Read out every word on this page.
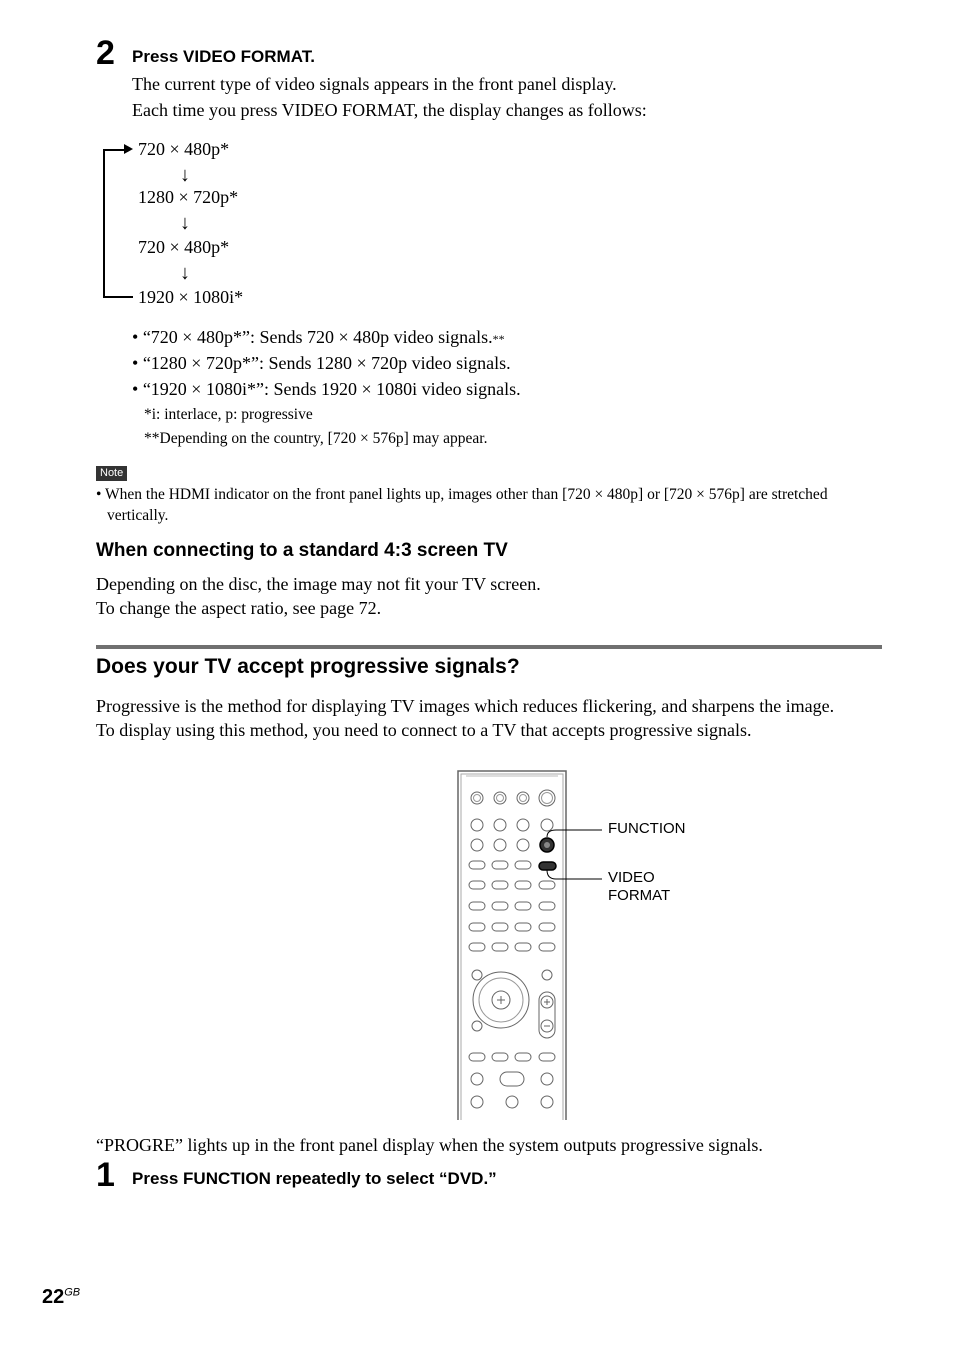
2 Press VIDEO FORMAT.
The current type of video signals appears in the front panel display.
Each time you press VIDEO FORMAT, the display changes as follows:
720 × 480p*
↓
1280 × 720p*
↓
720 × 480p*
↓
1920 × 1080i*
• “720 × 480p*”: Sends 720 × 480p video signals.**
• “1280 × 720p*”: Sends 1280 × 720p video signals.
• “1920 × 1080i*”: Sends 1920 × 1080i video signals.
*i: interlace, p: progressive
**Depending on the country, [720 × 576p] may appear.
Note
• When the HDMI indicator on the front panel lights up, images other than [720 × 480p] or [720 × 576p] are stretched
vertically.
When connecting to a standard 4:3 screen TV
Depending on the disc, the image may not fit your TV screen.
To change the aspect ratio, see page 72.
Does your TV accept progressive signals?
Progressive is the method for displaying TV images which reduces flickering, and sharpens the image.
To display using this method, you need to connect to a TV that accepts progressive signals.
FUNCTION
VIDEO
FORMAT
“PROGRE” lights up in the front panel display when the system outputs progressive signals.
1 Press FUNCTION repeatedly to select “DVD.”
$22^{GB}$
